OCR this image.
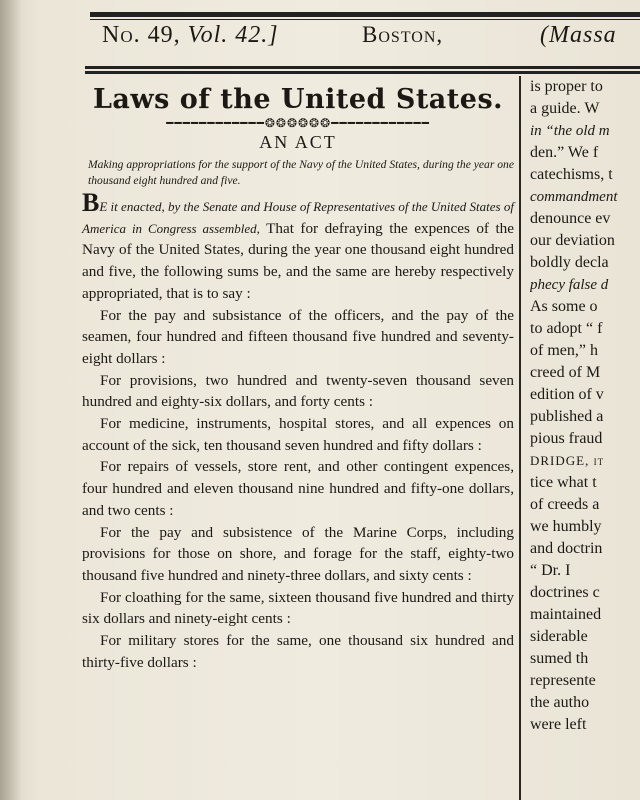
No. 49, Vol. 42.]	Boston,	(Massa
Laws of the United States.
━━━━━━━━━━━━❂❂❂❂❂❂━━━━━━━━━━━━
AN ACT
Making appropriations for the support of the Navy of the United States, during the year one thousand eight hundred and five.

BE it enacted, by the Senate and House of Representatives of the United States of America in Congress assembled, That for defraying the expences of the Navy of the United States, during the year one thousand eight hundred and five, the following sums be, and the same are hereby respectively appropriated, that is to say :

For the pay and subsistance of the officers, and the pay of the seamen, four hundred and fifteen thousand five hundred and seventy-eight dollars :

For provisions, two hundred and twenty-seven thousand seven hundred and eighty-six dollars, and forty cents :

For medicine, instruments, hospital stores, and all expences on account of the sick, ten thousand seven hundred and fifty dollars :

For repairs of vessels, store rent, and other contingent expences, four hundred and eleven thousand nine hundred and fifty-one dollars, and two cents :

For the pay and subsistence of the Marine Corps, including provisions for those on shore, and forage for the staff, eighty-two thousand five hundred and ninety-three dollars, and sixty cents :

For cloathing for the same, sixteen thousand five hundred and thirty six dollars and ninety-eight cents :

For military stores for the same, one thousand six hundred and thirty-five dollars :

is proper to
a guide. W
in “the old m
den.” We f
catechisms, t
commandment
denounce ev
our deviation
boldly decla
phecy false d
As some o
to adopt “ f
of men,” h
creed of M
edition of v
published a
pious fraud
DRIDGE, it
tice what t
of creeds a
we humbly
and doctrin
“ Dr. I
doctrines c
maintained
siderable
sumed th
represente
the autho
were left
